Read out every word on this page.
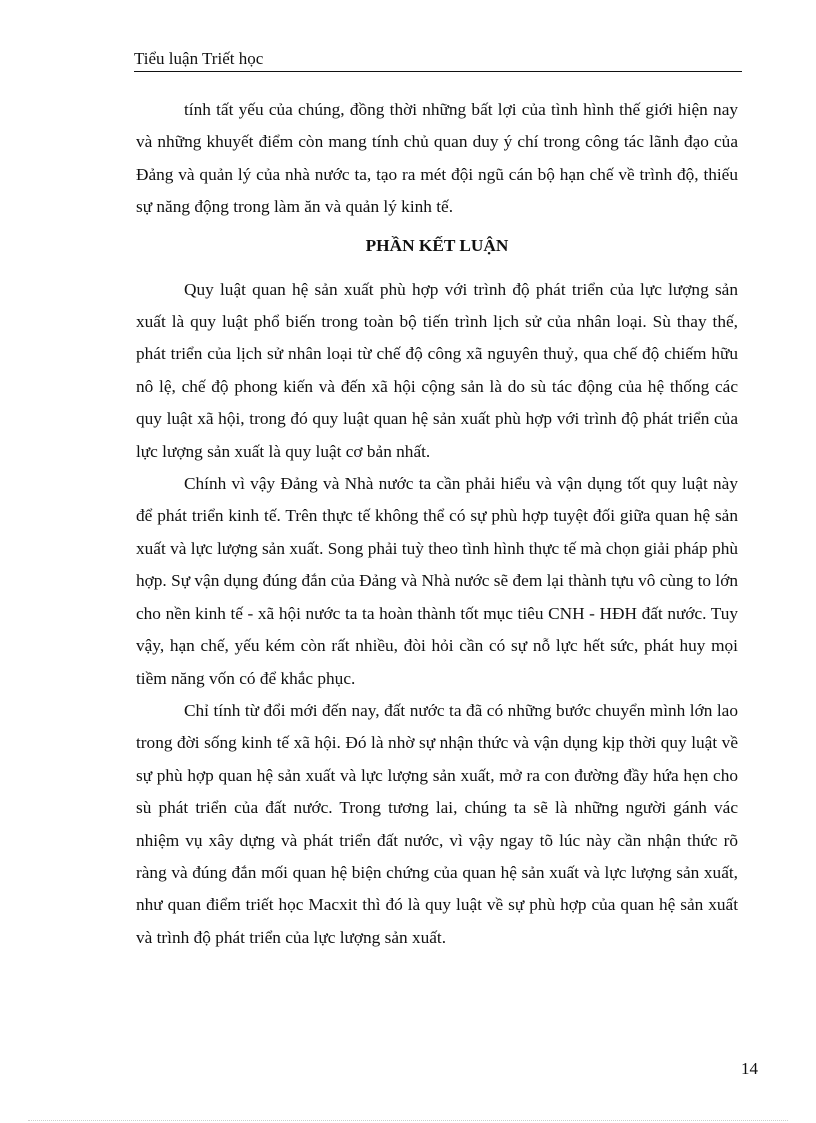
Tiểu luận Triết học

tính tất yếu của chúng, đồng thời những bất lợi của tình hình thế giới hiện nay và những khuyết điểm còn mang tính chủ quan duy ý chí trong công tác lãnh đạo của Đảng và quản lý của nhà nước ta, tạo ra mét đội ngũ cán bộ hạn chế về trình độ, thiếu sự năng động trong làm ăn và quản lý kinh tế.

PHẦN KẾT LUẬN

Quy luật quan hệ sản xuất phù hợp với trình độ phát triển của lực lượng sản xuất là quy luật phổ biến trong toàn bộ tiến trình lịch sử của nhân loại. Sù thay thế, phát triển của lịch sử nhân loại từ chế độ công xã nguyên thuỷ, qua chế độ chiếm hữu nô lệ, chế độ phong kiến và đến xã hội cộng sản là do sù tác động của hệ thống các quy luật xã hội, trong đó quy luật quan hệ sản xuất phù hợp với trình độ phát triển của lực lượng sản xuất là quy luật cơ bản nhất.

Chính vì vậy Đảng và Nhà nước ta cần phải hiểu và vận dụng tốt quy luật này để phát triển kinh tế. Trên thực tế không thể có sự phù hợp tuyệt đối giữa quan hệ sản xuất và lực lượng sản xuất. Song phải tuỳ theo tình hình thực tế mà chọn giải pháp phù hợp. Sự vận dụng đúng đắn của Đảng và Nhà nước sẽ đem lại thành tựu vô cùng to lớn cho nền kinh tế - xã hội nước ta ta hoàn thành tốt mục tiêu CNH - HĐH đất nước. Tuy vậy, hạn chế, yếu kém còn rất nhiều, đòi hỏi cần có sự nỗ lực hết sức, phát huy mọi tiềm năng vốn có để khắc phục.

Chỉ tính từ đổi mới đến nay, đất nước ta đã có những bước chuyển mình lớn lao trong đời sống kinh tế xã hội. Đó là nhờ sự nhận thức và vận dụng kịp thời quy luật về sự phù hợp quan hệ sản xuất và lực lượng sản xuất, mở ra con đường đầy hứa hẹn cho sù phát triển của đất nước. Trong tương lai, chúng ta sẽ là những người gánh vác nhiệm vụ xây dựng và phát triển đất nước, vì vậy ngay tõ lúc này cần nhận thức rõ ràng và đúng đắn mối quan hệ biện chứng của quan hệ sản xuất và lực lượng sản xuất, như quan điểm triết học Macxit thì đó là quy luật về sự phù hợp của quan hệ sản xuất và trình độ phát triển của lực lượng sản xuất.

14
